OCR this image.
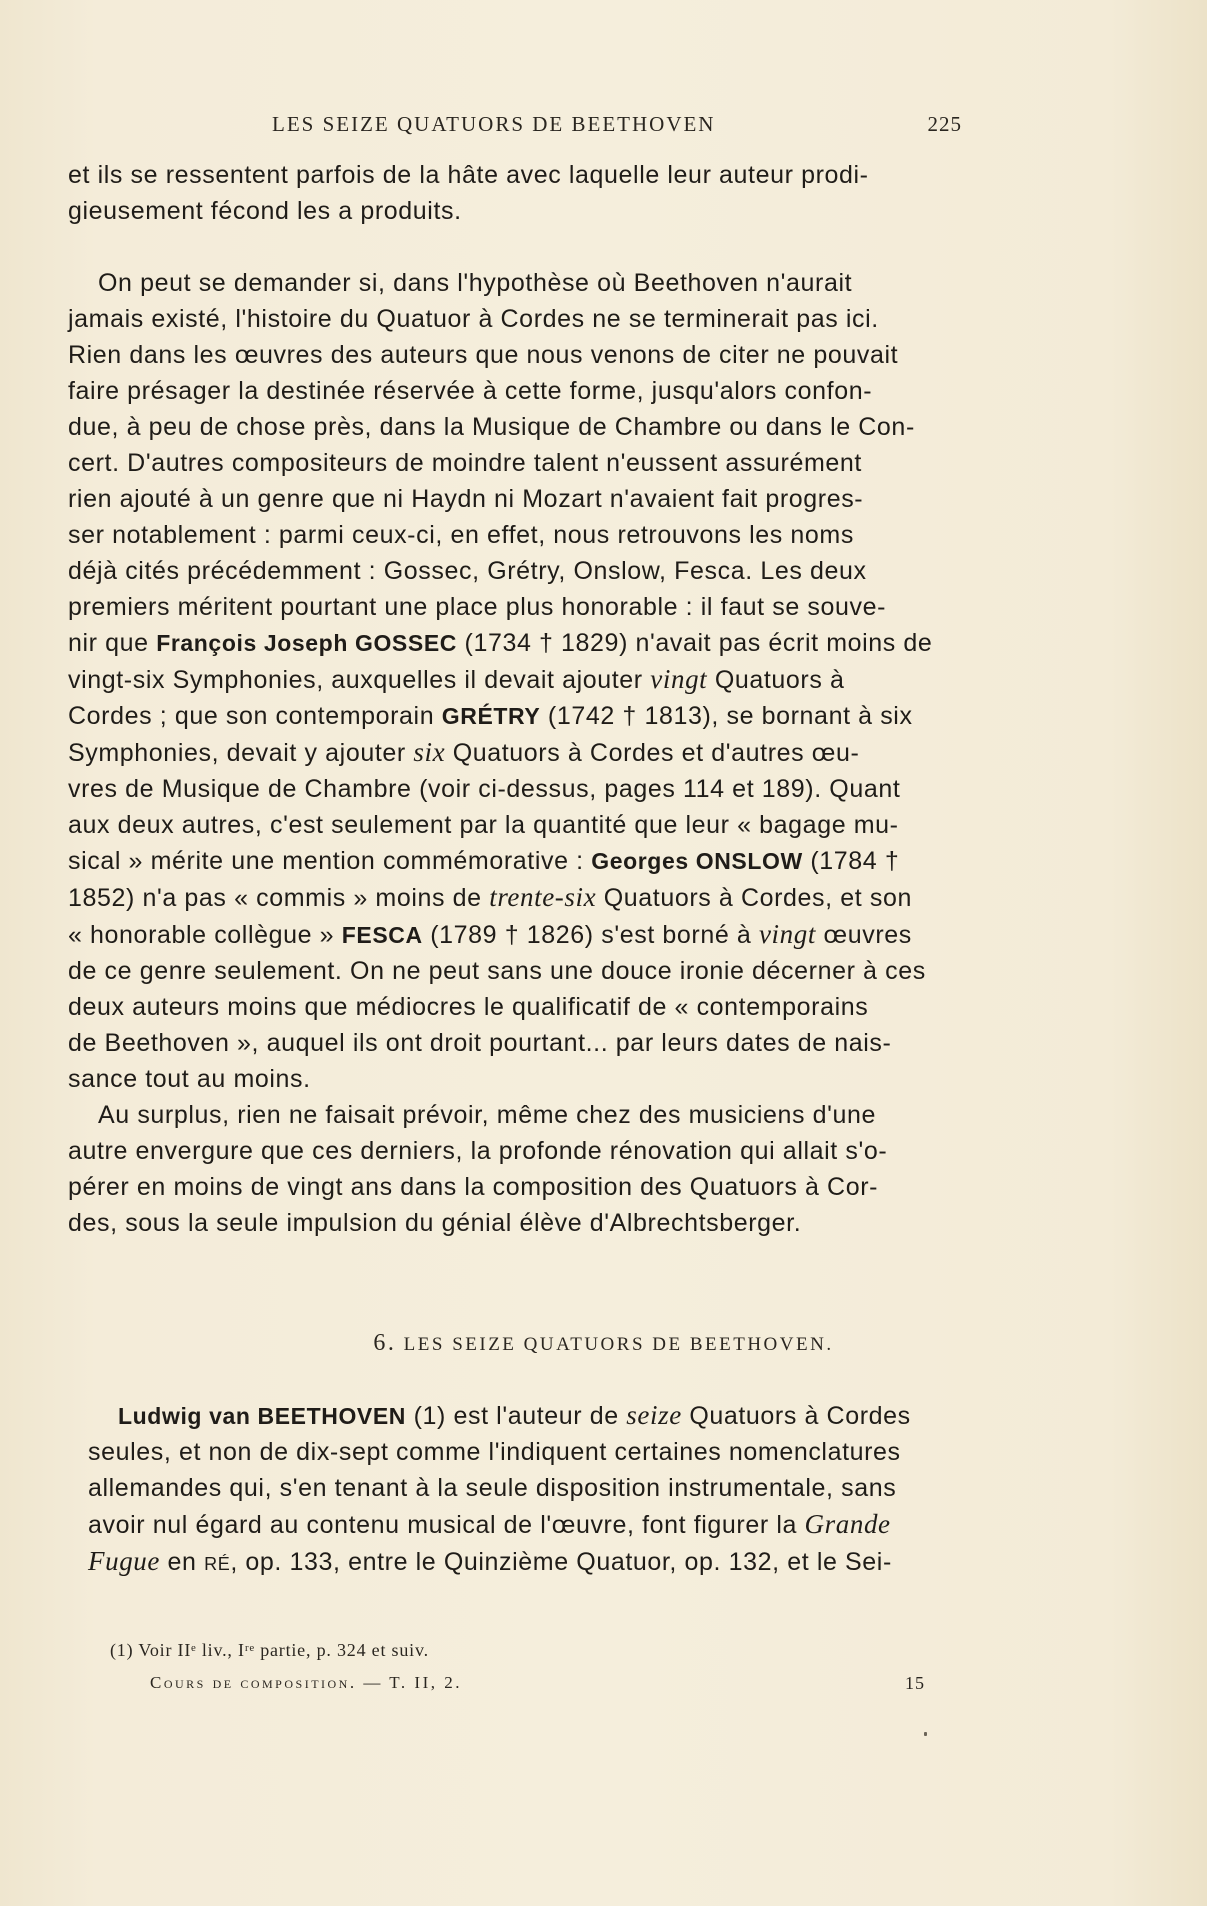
LES SEIZE QUATUORS DE BEETHOVEN	225

et ils se ressentent parfois de la hâte avec laquelle leur auteur prodi-

gieusement fécond les a produits.

On peut se demander si, dans l'hypothèse où Beethoven n'aurait

jamais existé, l'histoire du Quatuor à Cordes ne se terminerait pas ici.

Rien dans les œuvres des auteurs que nous venons de citer ne pouvait

faire présager la destinée réservée à cette forme, jusqu'alors confon-

due, à peu de chose près, dans la Musique de Chambre ou dans le Con-

cert. D'autres compositeurs de moindre talent n'eussent assurément

rien ajouté à un genre que ni Haydn ni Mozart n'avaient fait progres-

ser notablement : parmi ceux-ci, en effet, nous retrouvons les noms

déjà cités précédemment : Gossec, Grétry, Onslow, Fesca. Les deux

premiers méritent pourtant une place plus honorable : il faut se souve-

nir que François Joseph GOSSEC (1734 † 1829) n'avait pas écrit moins de

vingt-six Symphonies, auxquelles il devait ajouter vingt Quatuors à

Cordes ; que son contemporain GRÉTRY (1742 † 1813), se bornant à six

Symphonies, devait y ajouter six Quatuors à Cordes et d'autres œu-

vres de Musique de Chambre (voir ci-dessus, pages 114 et 189). Quant

aux deux autres, c'est seulement par la quantité que leur « bagage mu-

sical » mérite une mention commémorative : Georges ONSLOW (1784 †

1852) n'a pas « commis » moins de trente-six Quatuors à Cordes, et son

« honorable collègue » FESCA (1789 † 1826) s'est borné à vingt œuvres

de ce genre seulement. On ne peut sans une douce ironie décerner à ces

deux auteurs moins que médiocres le qualificatif de « contemporains

de Beethoven », auquel ils ont droit pourtant... par leurs dates de nais-

sance tout au moins.

Au surplus, rien ne faisait prévoir, même chez des musiciens d'une

autre envergure que ces derniers, la profonde rénovation qui allait s'o-

pérer en moins de vingt ans dans la composition des Quatuors à Cor-

des, sous la seule impulsion du génial élève d'Albrechtsberger.

6. LES SEIZE QUATUORS DE BEETHOVEN.

Ludwig van BEETHOVEN (1) est l'auteur de seize Quatuors à Cordes

seules, et non de dix-sept comme l'indiquent certaines nomenclatures

allemandes qui, s'en tenant à la seule disposition instrumentale, sans

avoir nul égard au contenu musical de l'œuvre, font figurer la Grande

Fugue en ré, op. 133, entre le Quinzième Quatuor, op. 132, et le Sei-

(1) Voir IIᵉ liv., Iʳᵉ partie, p. 324 et suiv.
Cours de composition. — T. II, 2.	15
